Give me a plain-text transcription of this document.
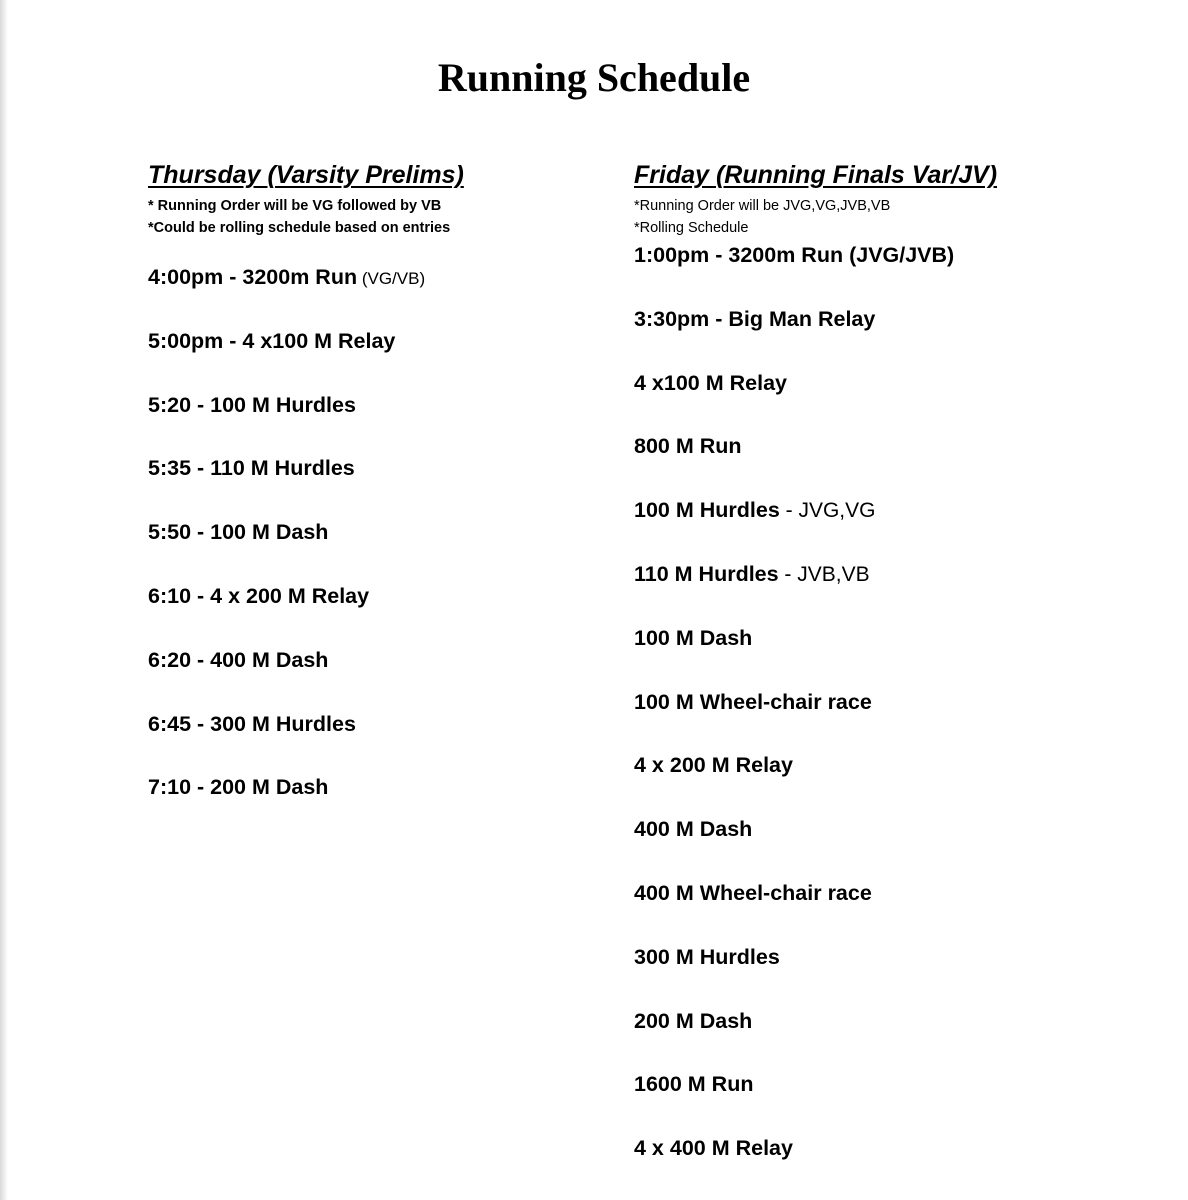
Running Schedule
Thursday (Varsity Prelims)
* Running Order will be VG followed by VB
*Could be rolling schedule based on entries
4:00pm - 3200m Run (VG/VB)
5:00pm - 4 x100 M Relay
5:20 - 100 M Hurdles
5:35 - 110 M Hurdles
5:50 - 100 M Dash
6:10 - 4 x 200 M Relay
6:20 - 400 M Dash
6:45 - 300 M Hurdles
7:10 - 200 M Dash
Friday (Running Finals Var/JV)
*Running Order will be JVG,VG,JVB,VB
*Rolling Schedule
1:00pm - 3200m Run (JVG/JVB)
3:30pm - Big Man Relay
4 x100 M Relay
800 M Run
100 M Hurdles - JVG,VG
110 M Hurdles - JVB,VB
100 M Dash
100 M Wheel-chair race
4 x 200 M Relay
400 M Dash
400 M Wheel-chair race
300 M Hurdles
200 M Dash
1600 M Run
4 x 400 M Relay
